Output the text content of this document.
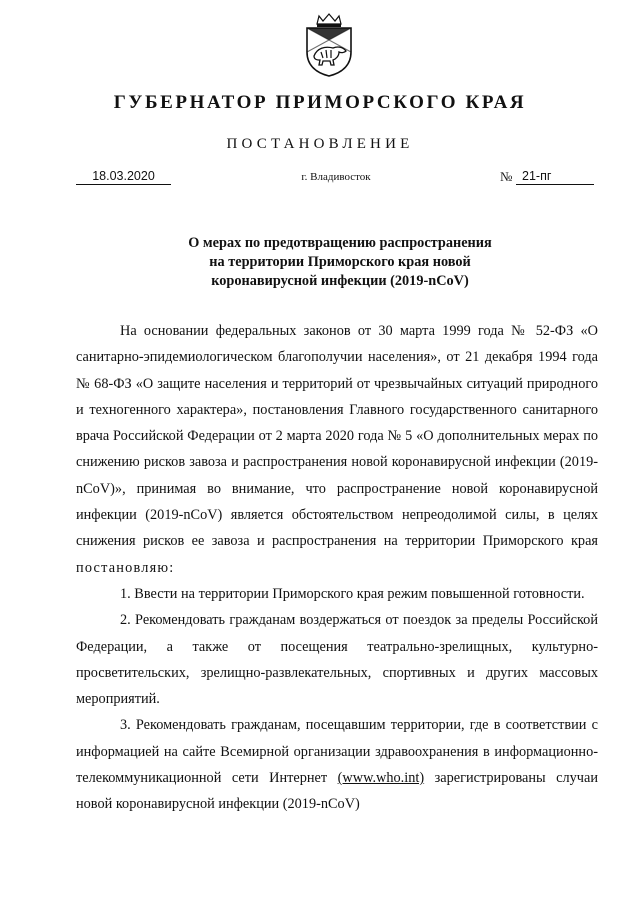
ГУБЕРНАТОР ПРИМОРСКОГО КРАЯ
ПОСТАНОВЛЕНИЕ
18.03.2020	г. Владивосток	№ 21-пг
О мерах по предотвращению распространения
на территории Приморского края новой
коронавирусной инфекции (2019-nCoV)

На основании федеральных законов от 30 марта 1999 года № 52-ФЗ «О санитарно-эпидемиологическом благополучии населения», от 21 декабря 1994 года № 68-ФЗ «О защите населения и территорий от чрезвычайных ситуаций природного и техногенного характера», постановления Главного государственного санитарного врача Российской Федерации от 2 марта 2020 года № 5 «О дополнительных мерах по снижению рисков завоза и распространения новой коронавирусной инфекции (2019-nCoV)», принимая во внимание, что распространение новой коронавирусной инфекции (2019-nCoV) является обстоятельством непреодолимой силы, в целях снижения рисков ее завоза и распространения на территории Приморского края постановляю:

1. Ввести на территории Приморского края режим повышенной готовности.

2. Рекомендовать гражданам воздержаться от поездок за пределы Российской Федерации, а также от посещения театрально-зрелищных, культурно-просветительских, зрелищно-развлекательных, спортивных и других массовых мероприятий.

3. Рекомендовать гражданам, посещавшим территории, где в соответствии с информацией на сайте Всемирной организации здравоохранения в информационно-телекоммуникационной сети Интернет (www.who.int) зарегистрированы случаи новой коронавирусной инфекции (2019-nCoV)
